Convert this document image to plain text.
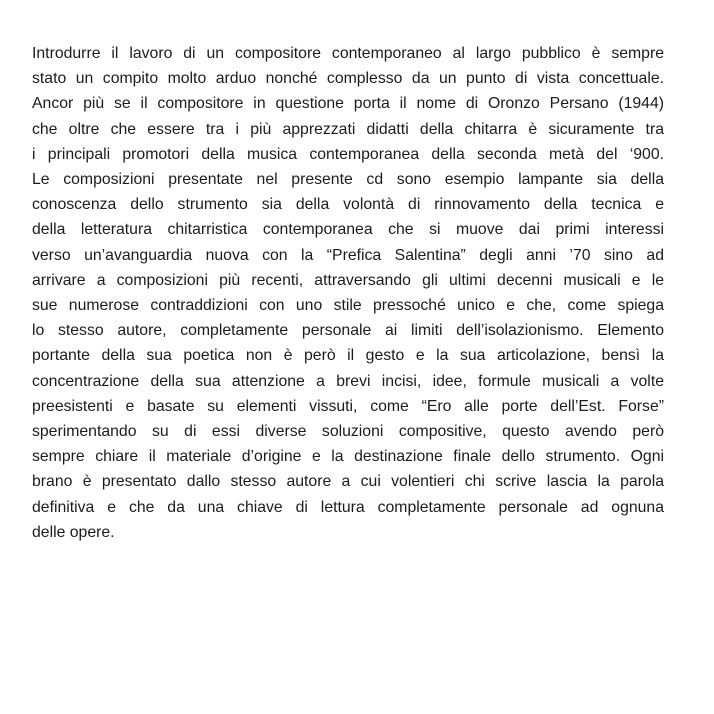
Introdurre il lavoro di un compositore contemporaneo al largo pubblico è sempre
stato un compito molto arduo nonché complesso da un punto di vista concettuale.
Ancor più se il compositore in questione porta il nome di Oronzo Persano (1944)
che oltre che essere tra i più apprezzati didatti della chitarra è sicuramente tra
i principali promotori della musica contemporanea della seconda metà del ‘900.
Le composizioni presentate nel presente cd sono esempio lampante sia della
conoscenza dello strumento sia della volontà di rinnovamento della tecnica e
della letteratura chitarristica contemporanea che si muove dai primi interessi
verso un’avanguardia nuova con la “Prefica Salentina” degli anni ’70 sino ad
arrivare a composizioni più recenti, attraversando gli ultimi decenni musicali e le
sue numerose contraddizioni con uno stile pressoché unico e che, come spiega
lo stesso autore, completamente personale ai limiti dell’isolazionismo. Elemento
portante della sua poetica non è però il gesto e la sua articolazione, bensì la
concentrazione della sua attenzione a brevi incisi, idee, formule musicali a volte
preesistenti e basate su elementi vissuti, come “Ero alle porte dell’Est. Forse”
sperimentando su di essi diverse soluzioni compositive, questo avendo però
sempre chiare il materiale d’origine e la destinazione finale dello strumento. Ogni
brano è presentato dallo stesso autore a cui volentieri chi scrive lascia la parola
definitiva e che da una chiave di lettura completamente personale ad ognuna
delle opere.
